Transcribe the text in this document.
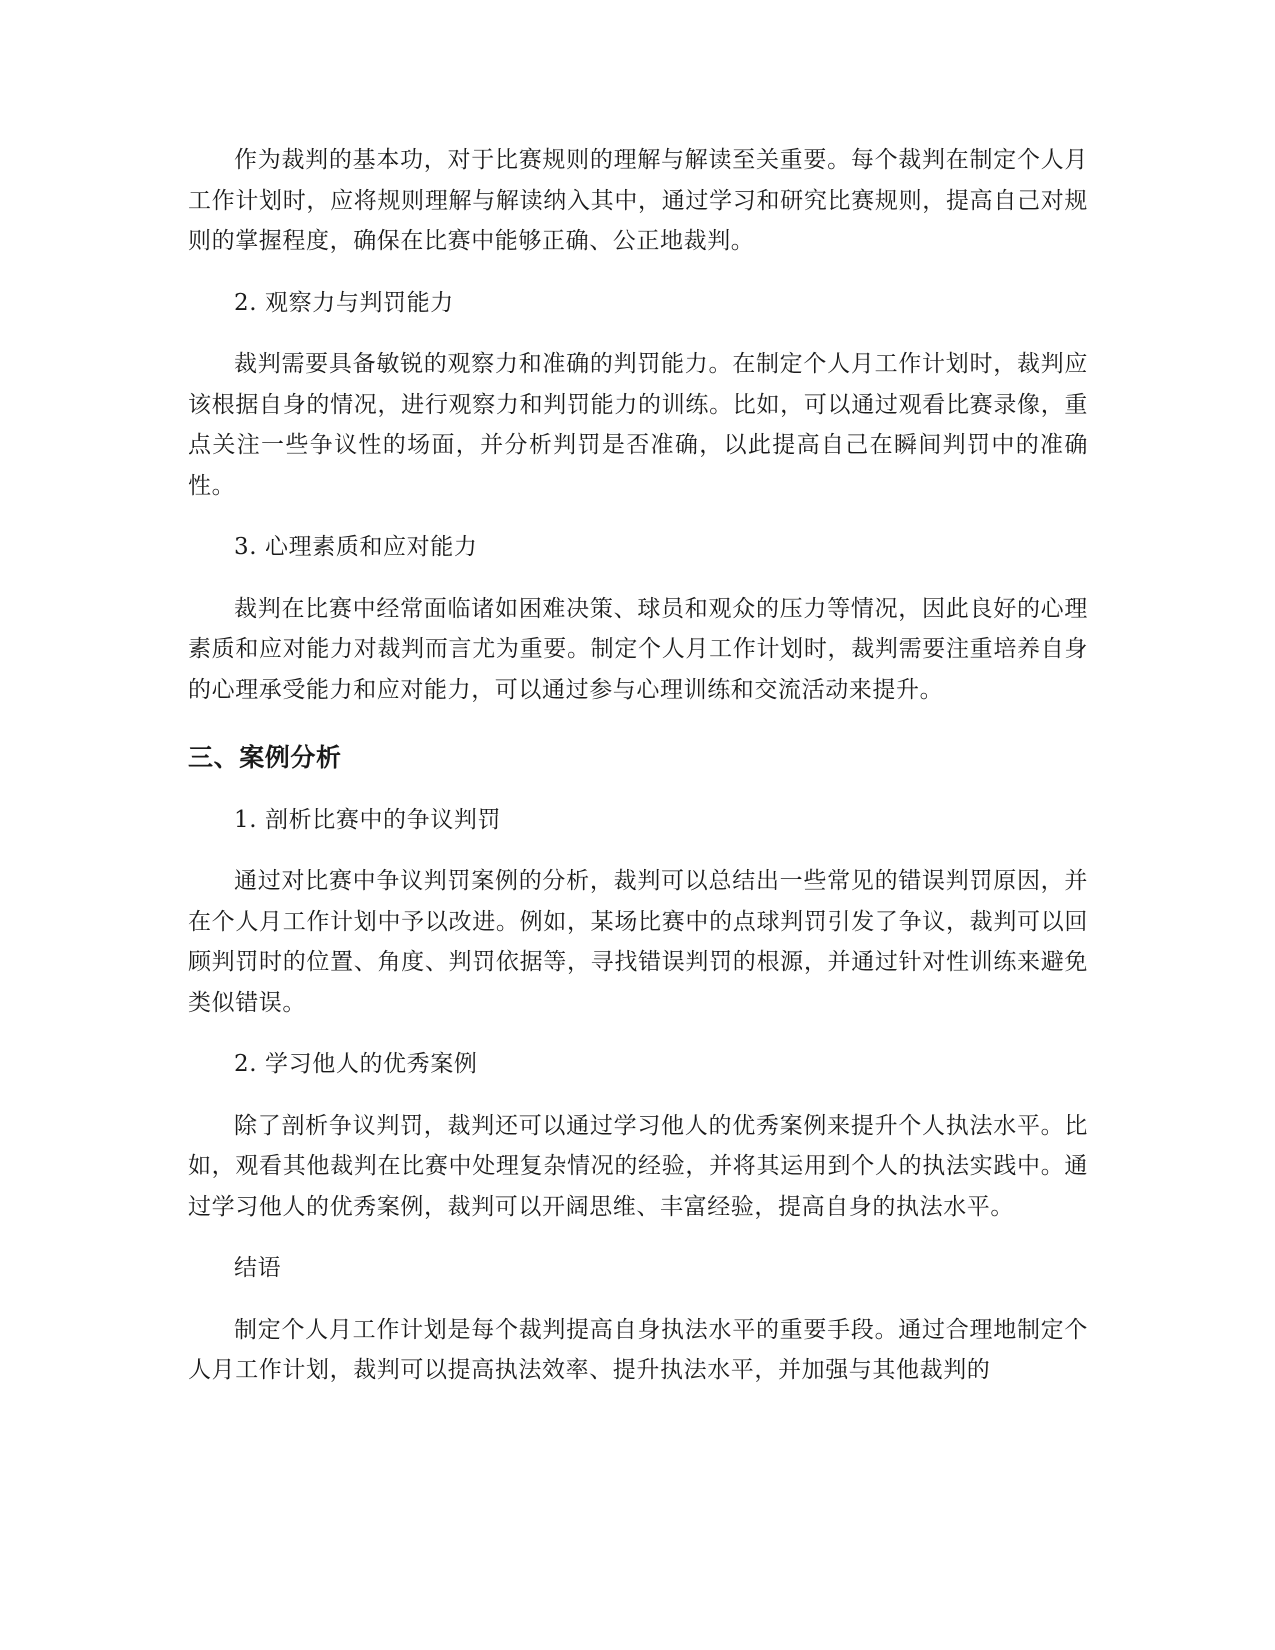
作为裁判的基本功，对于比赛规则的理解与解读至关重要。每个裁判在制定个人月工作计划时，应将规则理解与解读纳入其中，通过学习和研究比赛规则，提高自己对规则的掌握程度，确保在比赛中能够正确、公正地裁判。

2. 观察力与判罚能力

裁判需要具备敏锐的观察力和准确的判罚能力。在制定个人月工作计划时，裁判应该根据自身的情况，进行观察力和判罚能力的训练。比如，可以通过观看比赛录像，重点关注一些争议性的场面，并分析判罚是否准确，以此提高自己在瞬间判罚中的准确性。

3. 心理素质和应对能力

裁判在比赛中经常面临诸如困难决策、球员和观众的压力等情况，因此良好的心理素质和应对能力对裁判而言尤为重要。制定个人月工作计划时，裁判需要注重培养自身的心理承受能力和应对能力，可以通过参与心理训练和交流活动来提升。

三、案例分析

1. 剖析比赛中的争议判罚

通过对比赛中争议判罚案例的分析，裁判可以总结出一些常见的错误判罚原因，并在个人月工作计划中予以改进。例如，某场比赛中的点球判罚引发了争议，裁判可以回顾判罚时的位置、角度、判罚依据等，寻找错误判罚的根源，并通过针对性训练来避免类似错误。

2. 学习他人的优秀案例

除了剖析争议判罚，裁判还可以通过学习他人的优秀案例来提升个人执法水平。比如，观看其他裁判在比赛中处理复杂情况的经验，并将其运用到个人的执法实践中。通过学习他人的优秀案例，裁判可以开阔思维、丰富经验，提高自身的执法水平。

结语

制定个人月工作计划是每个裁判提高自身执法水平的重要手段。通过合理地制定个人月工作计划，裁判可以提高执法效率、提升执法水平，并加强与其他裁判的
